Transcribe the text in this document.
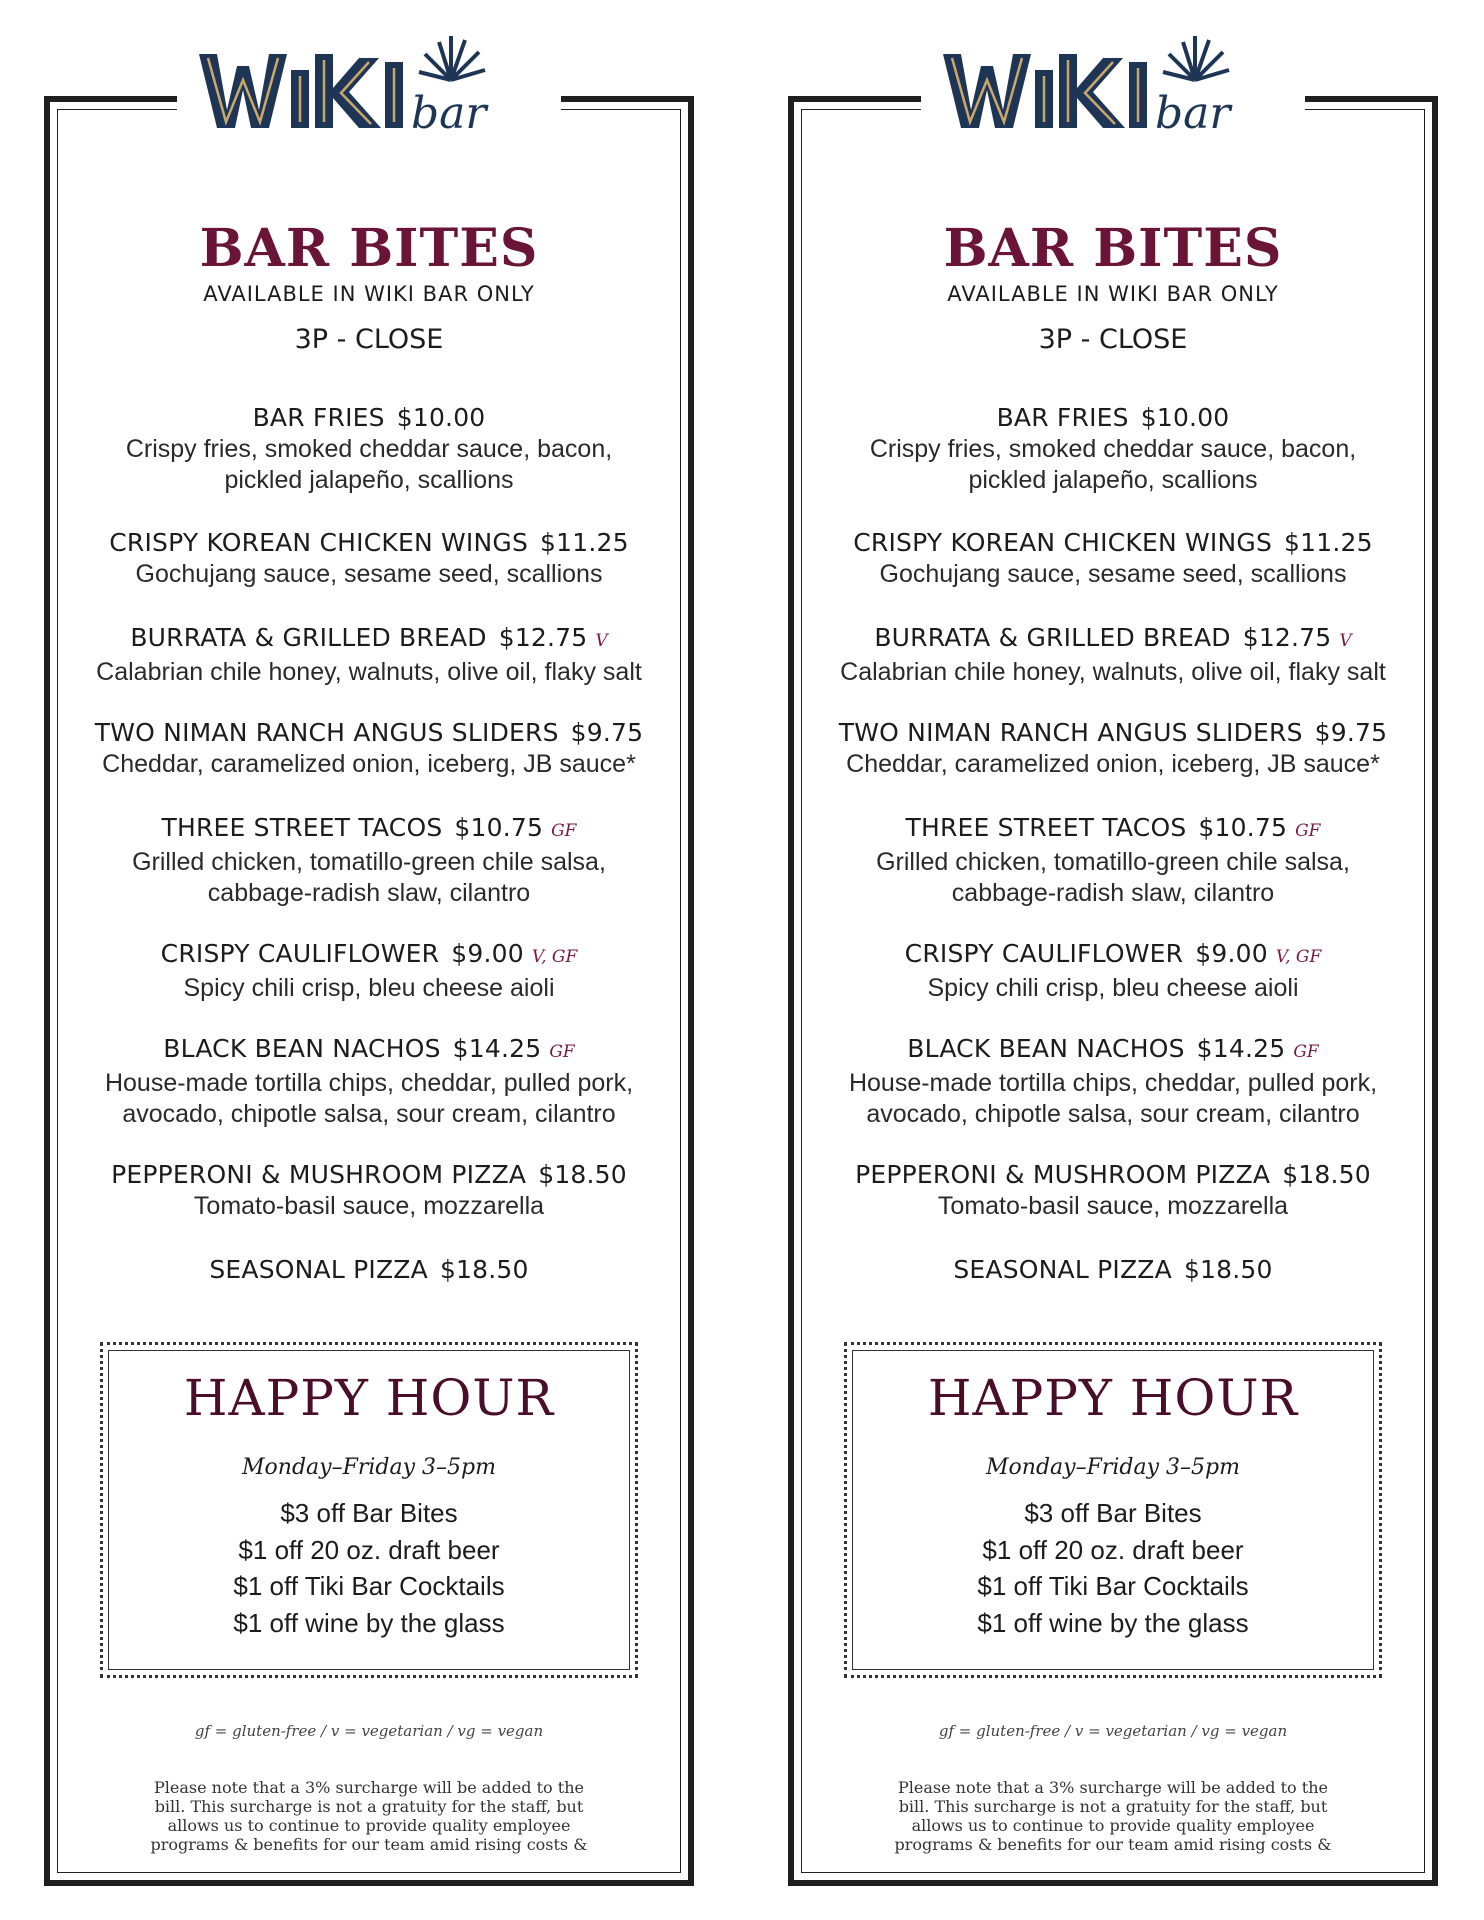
bar
BAR BITES
AVAILABLE IN WIKI BAR ONLY
3P - CLOSE
BAR FRIES $10.00
Crispy fries, smoked cheddar sauce, bacon,
pickled jalapeño, scallions
CRISPY KOREAN CHICKEN WINGS $11.25
Gochujang sauce, sesame seed, scallions
BURRATA & GRILLED BREAD $12.75 V
Calabrian chile honey, walnuts, olive oil, flaky salt
TWO NIMAN RANCH ANGUS SLIDERS $9.75
Cheddar, caramelized onion, iceberg, JB sauce*
THREE STREET TACOS $10.75 GF
Grilled chicken, tomatillo-green chile salsa,
cabbage-radish slaw, cilantro
CRISPY CAULIFLOWER $9.00 V, GF
Spicy chili crisp, bleu cheese aioli
BLACK BEAN NACHOS $14.25 GF
House-made tortilla chips, cheddar, pulled pork,
avocado, chipotle salsa, sour cream, cilantro
PEPPERONI & MUSHROOM PIZZA $18.50
Tomato-basil sauce, mozzarella
SEASONAL PIZZA $18.50
HAPPY HOUR
Monday–Friday 3–5pm
$3 off Bar Bites
$1 off 20 oz. draft beer
$1 off Tiki Bar Cocktails
$1 off wine by the glass
gf = gluten-free / v = vegetarian / vg = vegan
Please note that a 3% surcharge will be added to the
bill. This surcharge is not a gratuity for the staff, but
allows us to continue to provide quality employee
programs & benefits for our team amid rising costs &
bar
BAR BITES
AVAILABLE IN WIKI BAR ONLY
3P - CLOSE
BAR FRIES $10.00
Crispy fries, smoked cheddar sauce, bacon,
pickled jalapeño, scallions
CRISPY KOREAN CHICKEN WINGS $11.25
Gochujang sauce, sesame seed, scallions
BURRATA & GRILLED BREAD $12.75 V
Calabrian chile honey, walnuts, olive oil, flaky salt
TWO NIMAN RANCH ANGUS SLIDERS $9.75
Cheddar, caramelized onion, iceberg, JB sauce*
THREE STREET TACOS $10.75 GF
Grilled chicken, tomatillo-green chile salsa,
cabbage-radish slaw, cilantro
CRISPY CAULIFLOWER $9.00 V, GF
Spicy chili crisp, bleu cheese aioli
BLACK BEAN NACHOS $14.25 GF
House-made tortilla chips, cheddar, pulled pork,
avocado, chipotle salsa, sour cream, cilantro
PEPPERONI & MUSHROOM PIZZA $18.50
Tomato-basil sauce, mozzarella
SEASONAL PIZZA $18.50
HAPPY HOUR
Monday–Friday 3–5pm
$3 off Bar Bites
$1 off 20 oz. draft beer
$1 off Tiki Bar Cocktails
$1 off wine by the glass
gf = gluten-free / v = vegetarian / vg = vegan
Please note that a 3% surcharge will be added to the
bill. This surcharge is not a gratuity for the staff, but
allows us to continue to provide quality employee
programs & benefits for our team amid rising costs &
